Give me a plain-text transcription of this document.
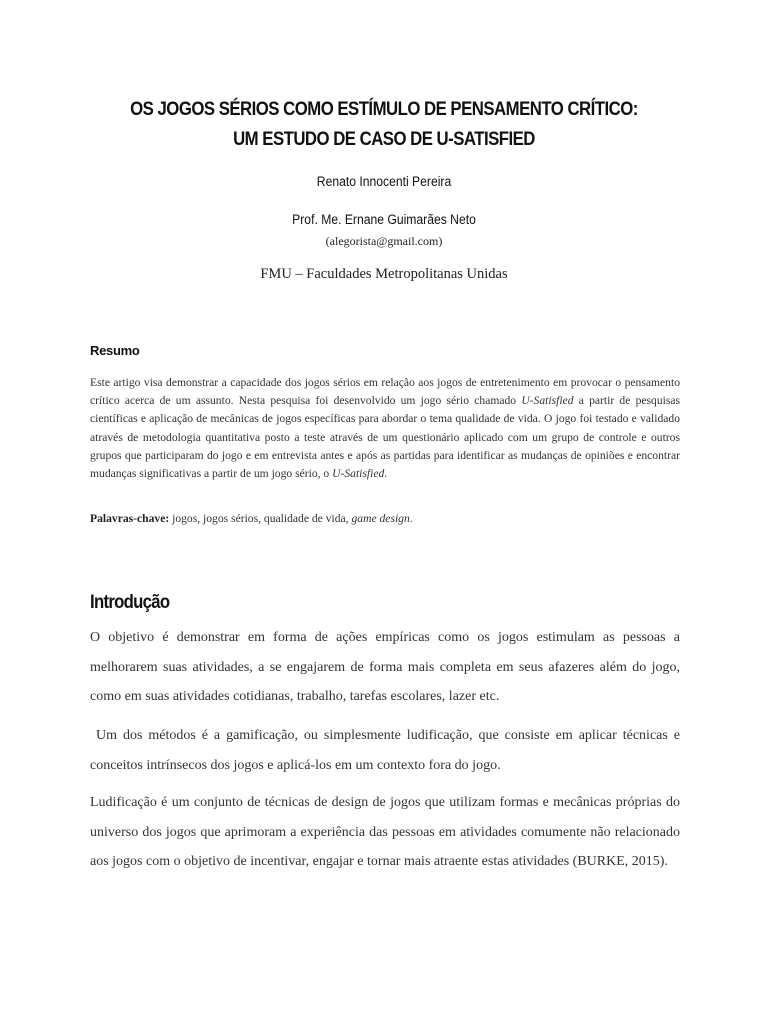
OS JOGOS SÉRIOS COMO ESTÍMULO DE PENSAMENTO CRÍTICO:
UM ESTUDO DE CASO DE U-SATISFIED
Renato Innocenti Pereira
Prof. Me. Ernane Guimarães Neto
(alegorista@gmail.com)
FMU – Faculdades Metropolitanas Unidas
Resumo

Este artigo visa demonstrar a capacidade dos jogos sérios em relação aos jogos de entretenimento em provocar o pensamento crítico acerca de um assunto. Nesta pesquisa foi desenvolvido um jogo sério chamado U-Satisfied a partir de pesquisas científicas e aplicação de mecânicas de jogos específicas para abordar o tema qualidade de vida. O jogo foi testado e validado através de metodologia quantitativa posto a teste através de um questionário aplicado com um grupo de controle e outros grupos que participaram do jogo e em entrevista antes e após as partidas para identificar as mudanças de opiniões e encontrar mudanças significativas a partir de um jogo sério, o U-Satisfied.

Palavras-chave: jogos, jogos sérios, qualidade de vida, game design.

Introdução

O objetivo é demonstrar em forma de ações empíricas como os jogos estimulam as pessoas a melhorarem suas atividades, a se engajarem de forma mais completa em seus afazeres além do jogo, como em suas atividades cotidianas, trabalho, tarefas escolares, lazer etc.

Um dos métodos é a gamificação, ou simplesmente ludificação, que consiste em aplicar técnicas e conceitos intrínsecos dos jogos e aplicá-los em um contexto fora do jogo.

Ludificação é um conjunto de técnicas de design de jogos que utilizam formas e mecânicas próprias do universo dos jogos que aprimoram a experiência das pessoas em atividades comumente não relacionado aos jogos com o objetivo de incentivar, engajar e tornar mais atraente estas atividades (BURKE, 2015).
